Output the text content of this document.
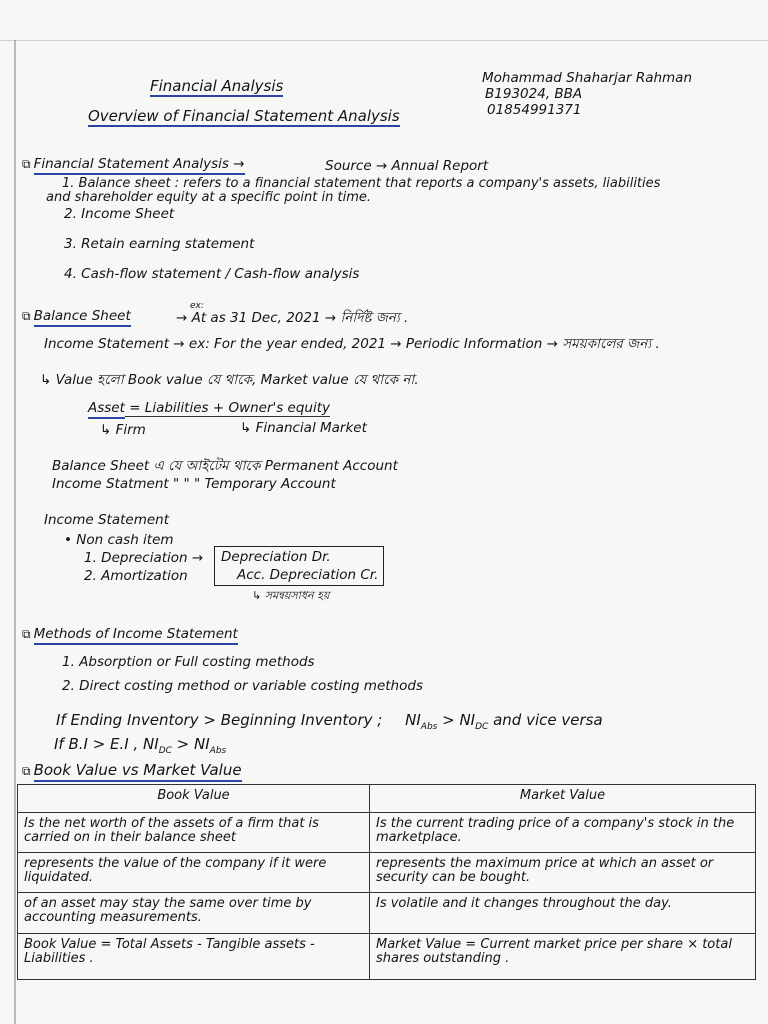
Financial Analysis
Overview of Financial Statement Analysis
Mohammad Shaharjar Rahman
B193024, BBA
01854991371
⧉ Financial Statement Analysis →	Source → Annual Report
1. Balance sheet : refers to a financial statement that reports a company's assets, liabilities
and shareholder equity at a specific point in time.
2. Income Sheet
3. Retain earning statement
4. Cash-flow statement / Cash-flow analysis
⧉ Balance Sheet
ex:
→ At as 31 Dec, 2021 → নির্দিষ্ট জন্য .
Income Statement → ex: For the year ended, 2021 → Periodic Information → সময়কালের জন্য .
↳ Value হলো Book value যে থাকে, Market value যে থাকে না.
Asset = Liabilities + Owner's equity
↳ Firm	↳ Financial Market
Balance Sheet এ যে আইটেম থাকে Permanent Account
Income Statment " " " Temporary Account
Income Statement
• Non cash item
1. Depreciation →
2. Amortization
Depreciation Dr.
Acc. Depreciation Cr.
↳ সমন্বয়সাধন হয়
⧉ Methods of Income Statement
1. Absorption or Full costing methods
2. Direct costing method or variable costing methods
If Ending Inventory > Beginning Inventory ; $NI_{Abs} > NI_{DC}$ and vice versa
If B.I > E.I , $NI_{DC} > NI_{Abs}$
⧉ Book Value vs Market Value
Book Value	Market Value
Is the net worth of the assets of a firm that is carried on in their balance sheet	Is the current trading price of a company's stock in the marketplace.
represents the value of the company if it were liquidated.	represents the maximum price at which an asset or security can be bought.
of an asset may stay the same over time by accounting measurements.	Is volatile and it changes throughout the day.
Book Value = Total Assets - Tangible assets - Liabilities .	Market Value = Current market price per share × total shares outstanding .
